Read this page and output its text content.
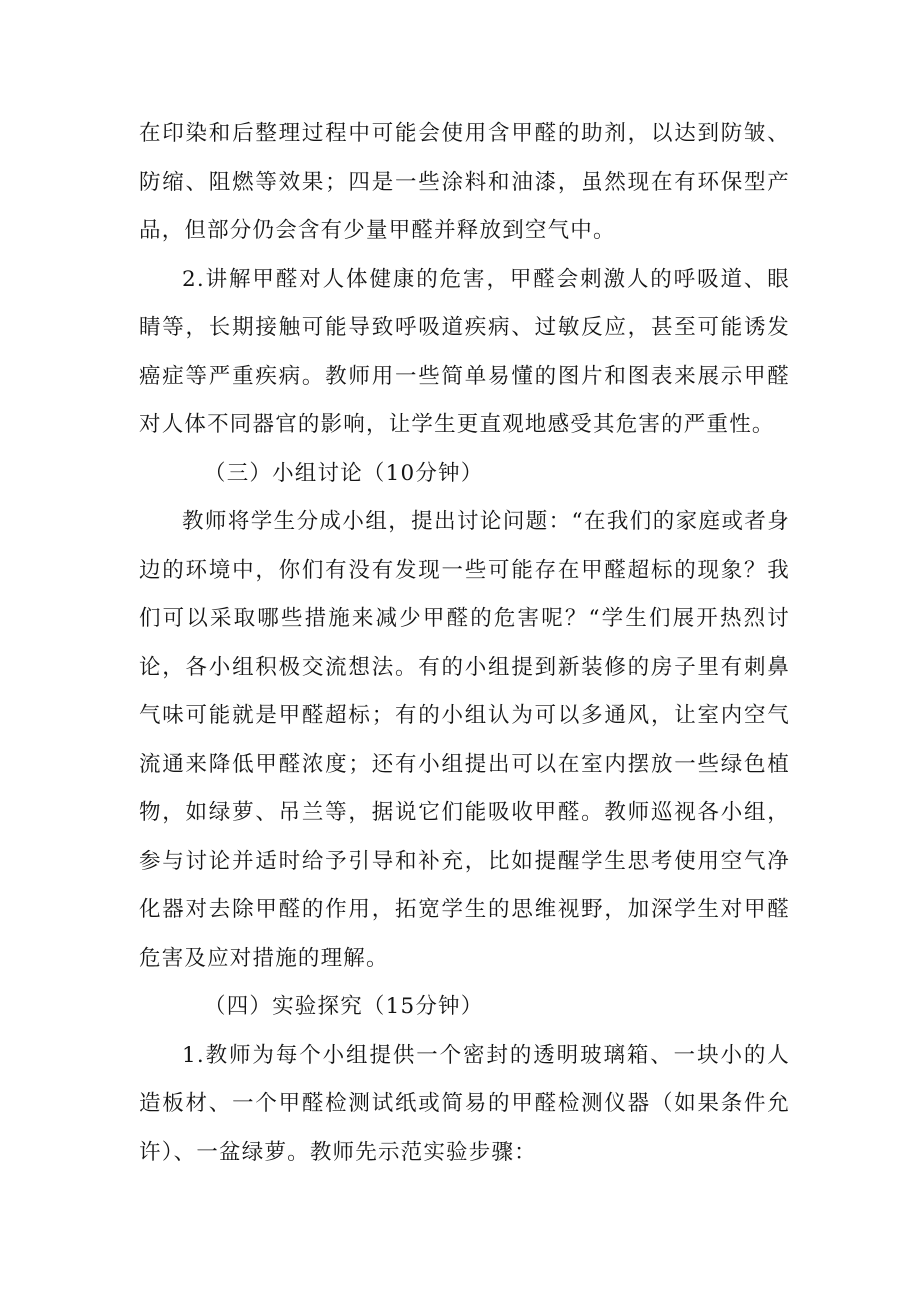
在印染和后整理过程中可能会使用含甲醛的助剂，以达到防皱、防缩、阻燃等效果；四是一些涂料和油漆，虽然现在有环保型产品，但部分仍会含有少量甲醛并释放到空气中。

2.讲解甲醛对人体健康的危害，甲醛会刺激人的呼吸道、眼睛等，长期接触可能导致呼吸道疾病、过敏反应，甚至可能诱发癌症等严重疾病。教师用一些简单易懂的图片和图表来展示甲醛对人体不同器官的影响，让学生更直观地感受其危害的严重性。

（三）小组讨论（10分钟）

教师将学生分成小组，提出讨论问题：“在我们的家庭或者身边的环境中，你们有没有发现一些可能存在甲醛超标的现象？我们可以采取哪些措施来减少甲醛的危害呢？“学生们展开热烈讨论，各小组积极交流想法。有的小组提到新装修的房子里有刺鼻气味可能就是甲醛超标；有的小组认为可以多通风，让室内空气流通来降低甲醛浓度；还有小组提出可以在室内摆放一些绿色植物，如绿萝、吊兰等，据说它们能吸收甲醛。教师巡视各小组，参与讨论并适时给予引导和补充，比如提醒学生思考使用空气净化器对去除甲醛的作用，拓宽学生的思维视野，加深学生对甲醛危害及应对措施的理解。

（四）实验探究（15分钟）

1.教师为每个小组提供一个密封的透明玻璃箱、一块小的人造板材、一个甲醛检测试纸或简易的甲醛检测仪器（如果条件允许）、一盆绿萝。教师先示范实验步骤：
